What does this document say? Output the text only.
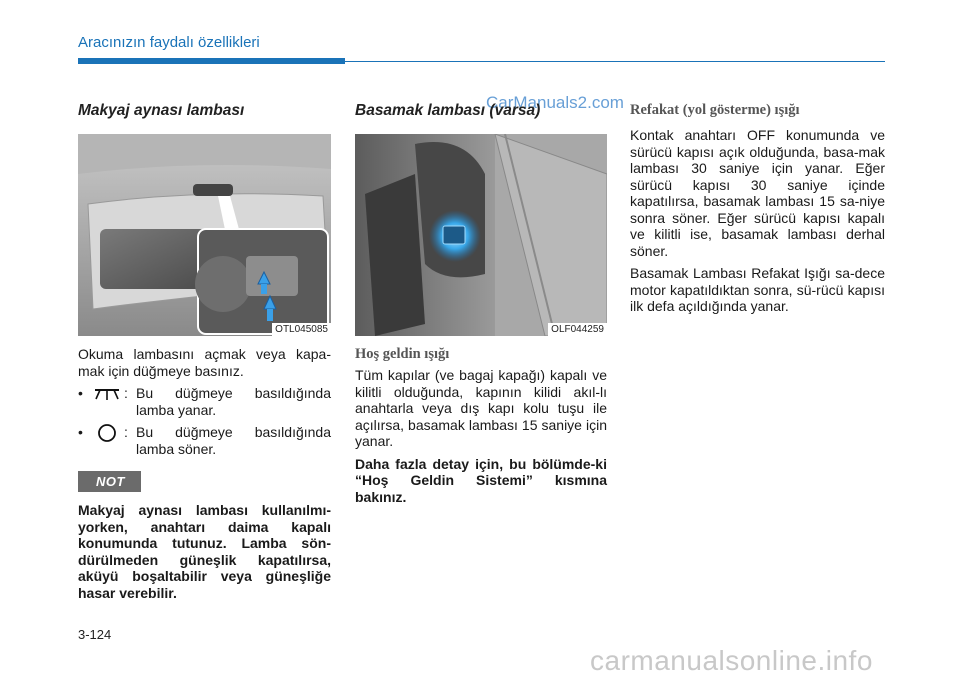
Aracınızın faydalı özellikleri
CarManuals2.com
Makyaj aynası lambası
OTL045085

Okuma lambasını açmak veya kapa-mak için düğmeye basınız.

•	: Bu düğmeye basıldığında
lamba yanar.
•	: Bu düğmeye basıldığında
lamba söner.
NOT

Makyaj aynası lambası kullanılmı-yorken, anahtarı daima kapalı konumunda tutunuz. Lamba sön-dürülmeden güneşlik kapatılırsa, aküyü boşaltabilir veya güneşliğe hasar verebilir.

Basamak lambası (varsa)
OLF044259
Hoş geldin ışığı

Tüm kapılar (ve bagaj kapağı) kapalı ve kilitli olduğunda, kapının kilidi akıl-lı anahtarla veya dış kapı kolu tuşu ile açılırsa, basamak lambası 15 saniye için yanar.

Daha fazla detay için, bu bölümde-ki “Hoş Geldin Sistemi” kısmına bakınız.

Refakat (yol gösterme) ışığı

Kontak anahtarı OFF konumunda ve sürücü kapısı açık olduğunda, basa-mak lambası 30 saniye için yanar. Eğer sürücü kapısı 30 saniye içinde kapatılırsa, basamak lambası 15 sa-niye sonra söner. Eğer sürücü kapısı kapalı ve kilitli ise, basamak lambası derhal söner.

Basamak Lambası Refakat Işığı sa-dece motor kapatıldıktan sonra, sü-rücü kapısı ilk defa açıldığında yanar.

3-124
carmanualsonline.info
